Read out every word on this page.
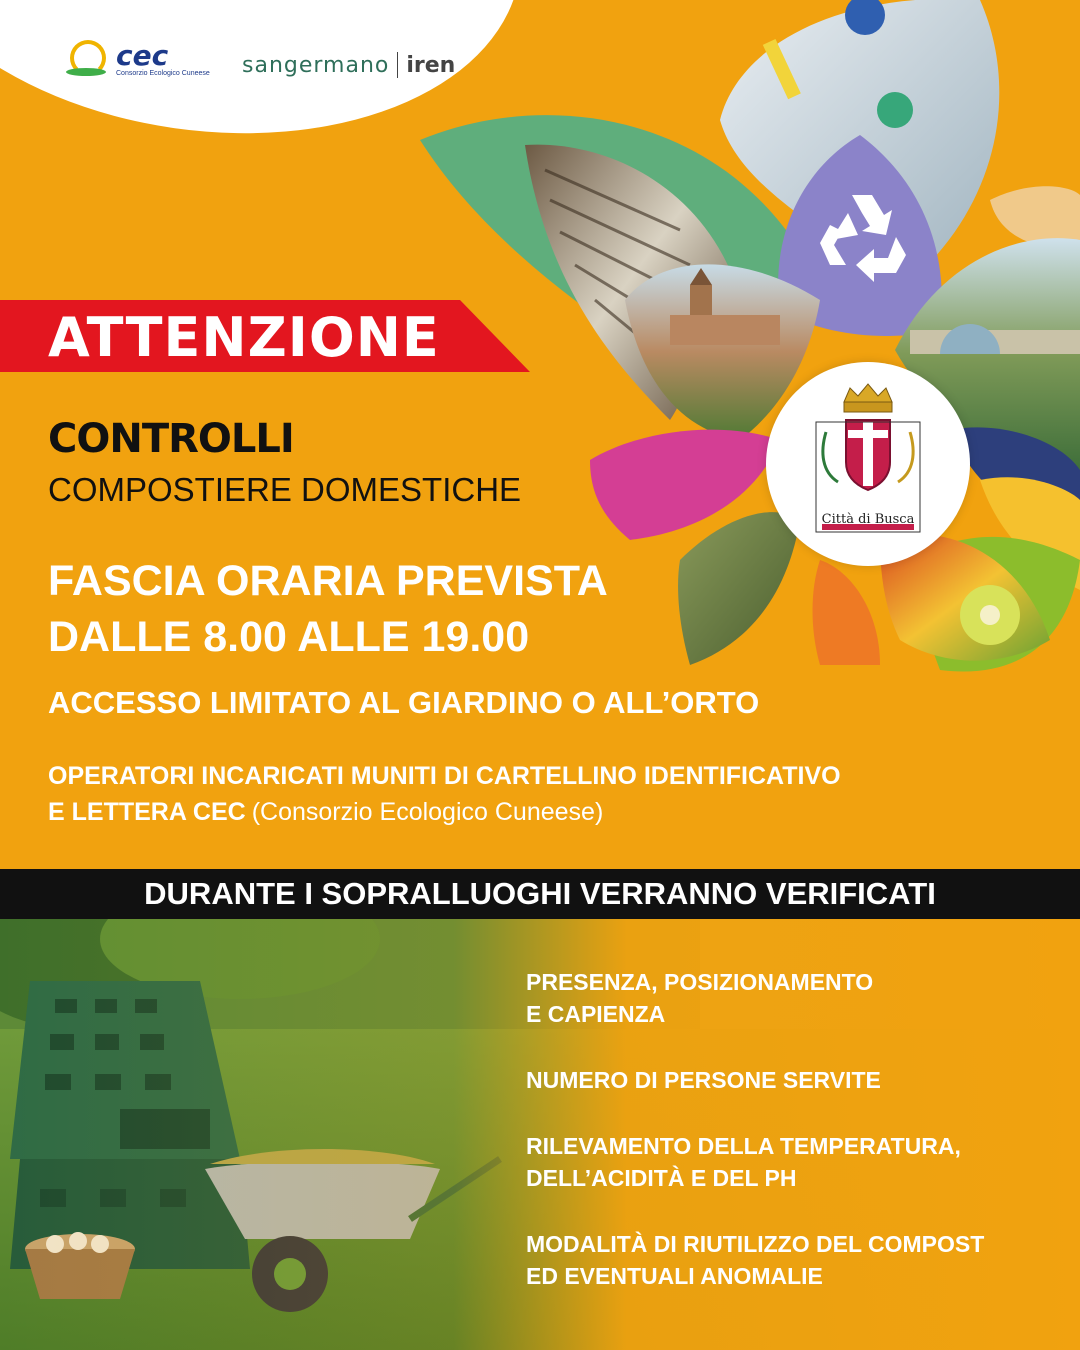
cec
Consorzio Ecologico Cuneese sangermano iren
Città di Busca
ATTENZIONE
CONTROLLI
COMPOSTIERE DOMESTICHE
FASCIA ORARIA PREVISTA
DALLE 8.00 ALLE 19.00
ACCESSO LIMITATO AL GIARDINO O ALL’ORTO
OPERATORI INCARICATI MUNITI DI CARTELLINO IDENTIFICATIVO
E LETTERA CEC (Consorzio Ecologico Cuneese)
DURANTE I SOPRALLUOGHI VERRANNO VERIFICATI
PRESENZA, POSIZIONAMENTO
E CAPIENZA
NUMERO DI PERSONE SERVITE
RILEVAMENTO DELLA TEMPERATURA,
DELL’ACIDITÀ E DEL PH
MODALITÀ DI RIUTILIZZO DEL COMPOST
ED EVENTUALI ANOMALIE
